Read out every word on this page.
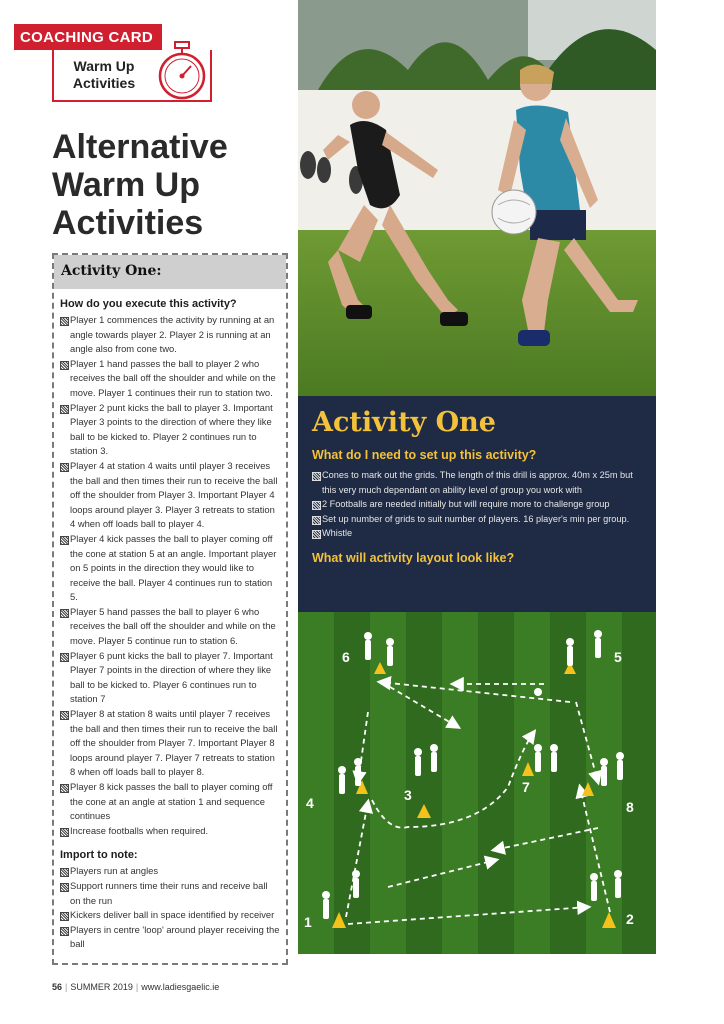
COACHING CARD
Warm Up
Activities
Alternative Warm Up Activities
Activity One:
How do you execute this activity?
Player 1 commences the activity by running at an angle towards player 2. Player 2 is running at an angle also from cone two.
Player 1 hand passes the ball to player 2 who receives the ball off the shoulder and while on the move. Player 1 continues their run to station two.
Player 2 punt kicks the ball to player 3. Important Player 3 points to the direction of where they like ball to be kicked to. Player 2 continues run to station 3.
Player 4 at station 4 waits until player 3 receives the ball and then times their run to receive the ball off the shoulder from Player 3. Important Player 4 loops around player 3. Player 3 retreats to station 4 when off loads ball to player 4.
Player 4 kick passes the ball to player coming off the cone at station 5 at an angle. Important player on 5 points in the direction they would like to receive the ball. Player 4 continues run to station 5.
Player 5 hand passes the ball to player 6 who receives the ball off the shoulder and while on the move. Player 5 continue run to station 6.
Player 6 punt kicks the ball to player 7. Important Player 7 points in the direction of where they like ball to be kicked to. Player 6 continues run to station 7
Player 8 at station 8 waits until player 7 receives the ball and then times their run to receive the ball off the shoulder from Player 7. Important Player 8 loops around player 7. Player 7 retreats to station 8 when off loads ball to player 8.
Player 8 kick passes the ball to player coming off the cone at an angle at station 1 and sequence continues
Increase footballs when required.
Import to note:
Players run at angles
Support runners time their runs and receive ball on the run
Kickers deliver ball in space identified by receiver
Players in centre 'loop' around player receiving the ball
Activity One
What do I need to set up this activity?
Cones to mark out the grids. The length of this drill is approx. 40m x 25m but this very much dependant on ability level of group you work with
2 Footballs are needed initially but will require more to challenge group
Set up number of grids to suit number of players. 16 player's min per group.
Whistle
What will activity layout look like?
1	2
3
4
5
6
7
8
56 | SUMMER 2019 | www.ladiesgaelic.ie
